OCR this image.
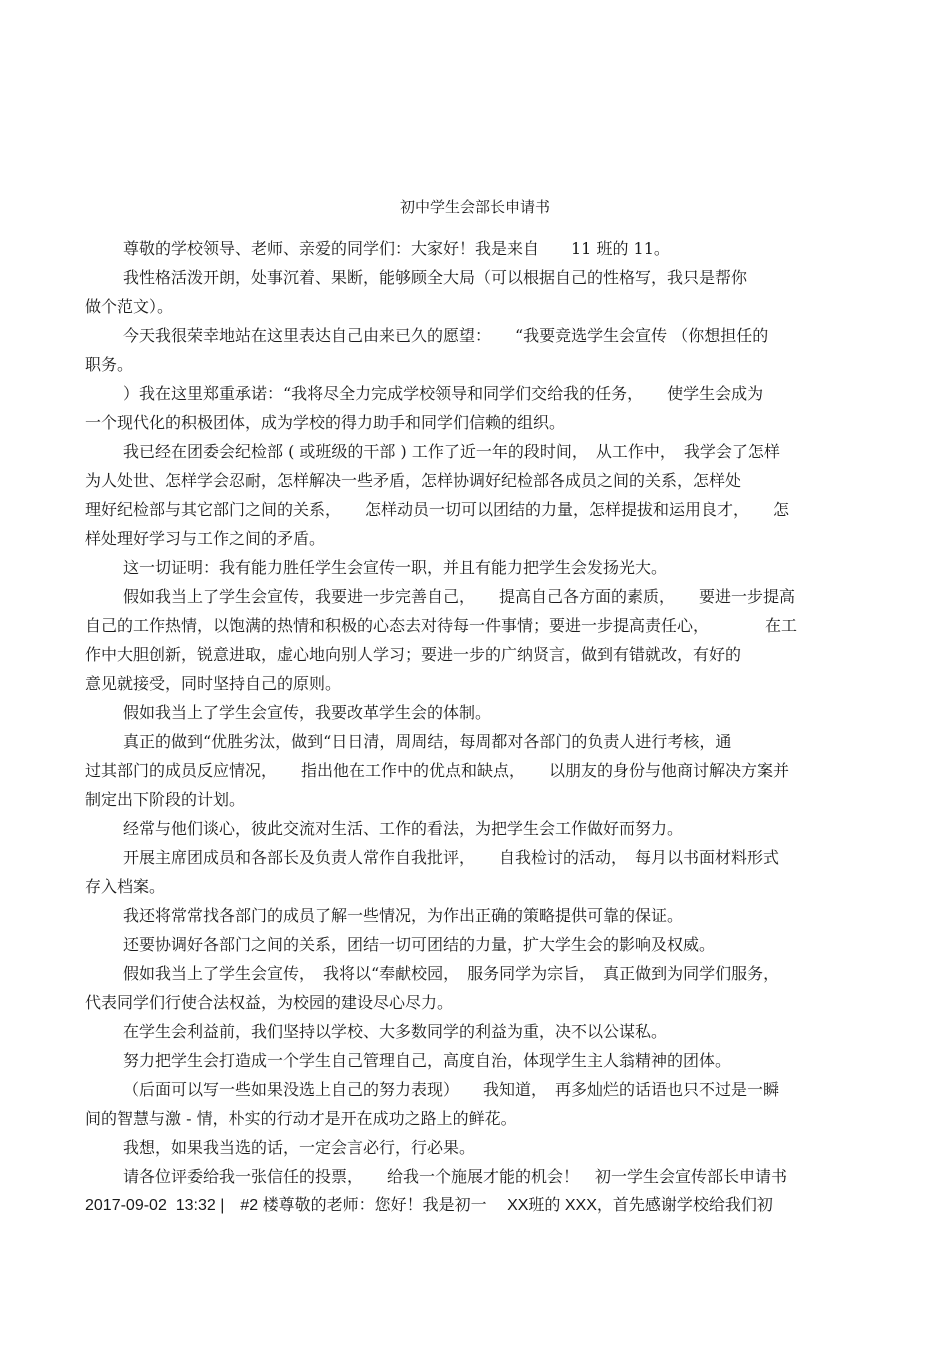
初中学生会部长申请书
尊敬的学校领导、老师、亲爱的同学们：大家好！我是来自　　11 班的 11。
我性格活泼开朗，处事沉着、果断，能够顾全大局（可以根据自己的性格写，我只是帮你
做个范文）。
今天我很荣幸地站在这里表达自己由来已久的愿望：　　“我要竞选学生会宣传 （你想担任的
职务。
）我在这里郑重承诺：“我将尽全力完成学校领导和同学们交给我的任务，　　使学生会成为
一个现代化的积极团体，成为学校的得力助手和同学们信赖的组织。
我已经在团委会纪检部 ( 或班级的干部 ) 工作了近一年的段时间，　从工作中，　我学会了怎样
为人处世、怎样学会忍耐，怎样解决一些矛盾，怎样协调好纪检部各成员之间的关系，怎样处
理好纪检部与其它部门之间的关系，　　怎样动员一切可以团结的力量，怎样提拔和运用良才，　　怎
样处理好学习与工作之间的矛盾。
这一切证明：我有能力胜任学生会宣传一职，并且有能力把学生会发扬光大。
假如我当上了学生会宣传，我要进一步完善自己，　　提高自己各方面的素质，　　要进一步提高
自己的工作热情，以饱满的热情和积极的心态去对待每一件事情；要进一步提高责任心，　　　　在工
作中大胆创新，锐意进取，虚心地向别人学习；要进一步的广纳贤言，做到有错就改，有好的
意见就接受，同时坚持自己的原则。
假如我当上了学生会宣传，我要改革学生会的体制。
真正的做到“优胜劣汰，做到“日日清，周周结，每周都对各部门的负责人进行考核，通
过其部门的成员反应情况，　　指出他在工作中的优点和缺点，　　以朋友的身份与他商讨解决方案并
制定出下阶段的计划。
经常与他们谈心，彼此交流对生活、工作的看法，为把学生会工作做好而努力。
开展主席团成员和各部长及负责人常作自我批评，　　自我检讨的活动，　每月以书面材料形式
存入档案。
我还将常常找各部门的成员了解一些情况，为作出正确的策略提供可靠的保证。
还要协调好各部门之间的关系，团结一切可团结的力量，扩大学生会的影响及权威。
假如我当上了学生会宣传，　我将以“奉献校园，　服务同学为宗旨，　真正做到为同学们服务，
代表同学们行使合法权益，为校园的建设尽心尽力。
在学生会利益前，我们坚持以学校、大多数同学的利益为重，决不以公谋私。
努力把学生会打造成一个学生自己管理自己，高度自治，体现学生主人翁精神的团体。
（后面可以写一些如果没选上自己的努力表现）　　我知道，　再多灿烂的话语也只不过是一瞬
间的智慧与激 - 情，朴实的行动才是开在成功之路上的鲜花。
我想，如果我当选的话，一定会言必行，行必果。
请各位评委给我一张信任的投票，　　给我一个施展才能的机会！　初一学生会宣传部长申请书
2017-09-02  13:32 |　#2 楼尊敬的老师：您好！我是初一　 XX班的 XXX，首先感谢学校给我们初
